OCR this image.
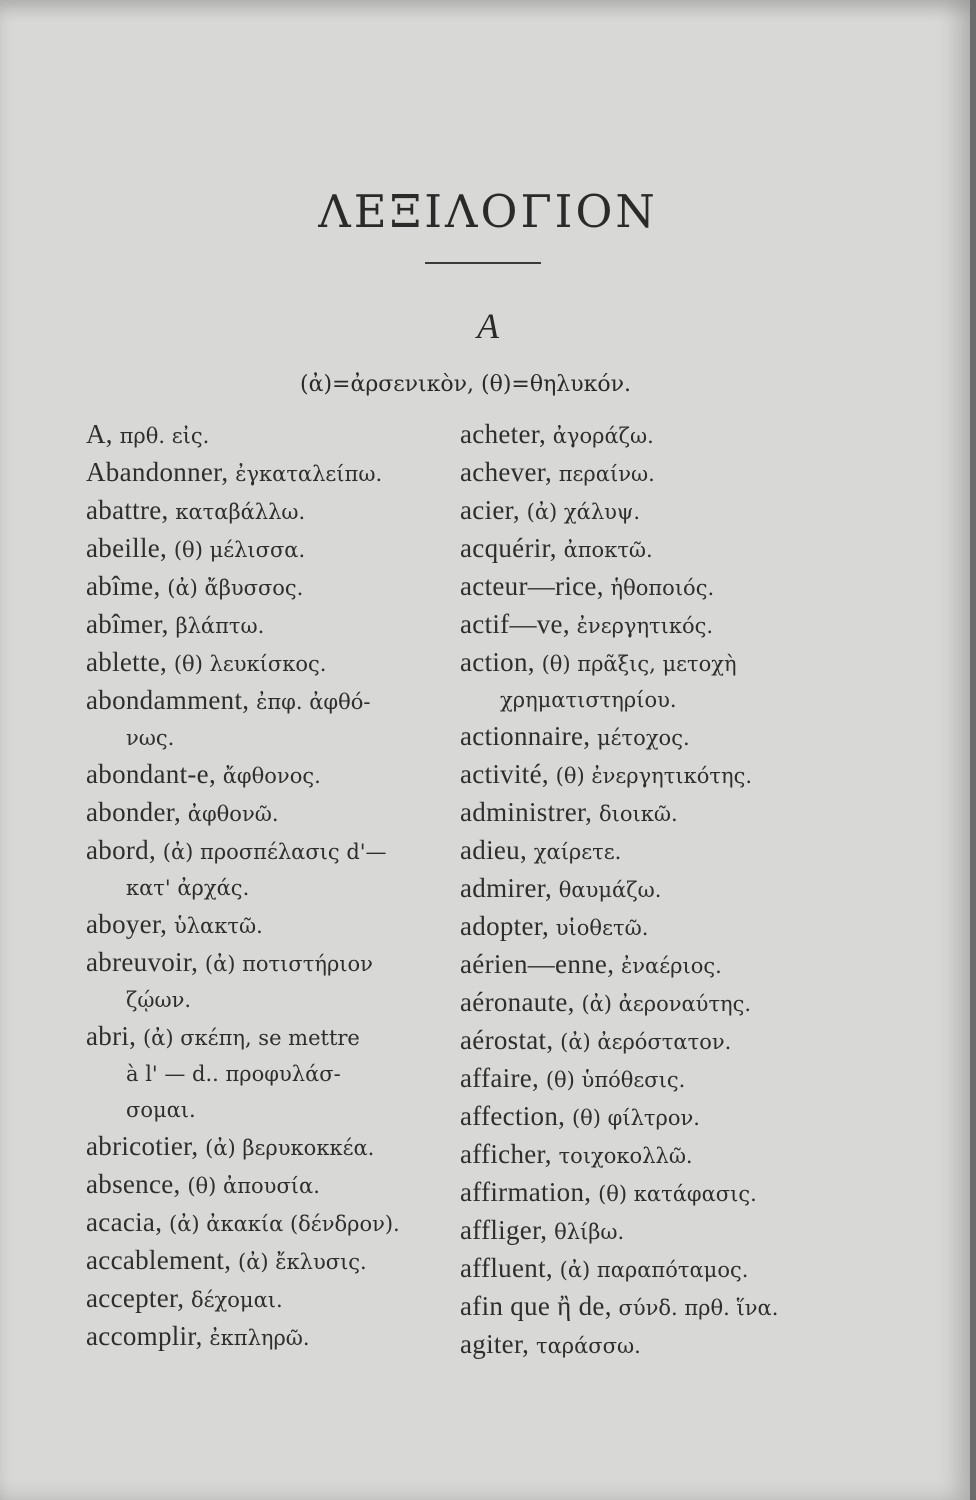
ΛΕΞΙΛΟΓΙΟΝ
A
(ἀ)=ἀρσενικὸν, (θ)=θηλυκόν.
A, πρθ. εἰς.
Abandonner, ἐγκαταλείπω.
abattre, καταβάλλω.
abeille, (θ) μέλισσα.
abîme, (ἀ) ἄβυσσος.
abîmer, βλάπτω.
ablette, (θ) λευκίσκος.
abondamment, ἐπφ. ἀφθό-
νως.
abondant-e, ἄφθονος.
abonder, ἀφθονῶ.
abord, (ἀ) προσπέλασις d'—
κατ' ἀρχάς.
aboyer, ὑλακτῶ.
abreuvoir, (ἀ) ποτιστήριον
ζῴων.
abri, (ἀ) σκέπη, se mettre
à l' — d.. προφυλάσ-
σομαι.
abricotier, (ἀ) βερυκοκκέα.
absence, (θ) ἀπουσία.
acacia, (ἀ) ἀκακία (δένδρον).
accablement, (ἀ) ἔκλυσις.
accepter, δέχομαι.
accomplir, ἐκπληρῶ.
acheter, ἀγοράζω.
achever, περαίνω.
acier, (ἀ) χάλυψ.
acquérir, ἀποκτῶ.
acteur—rice, ἡθοποιός.
actif—ve, ἐνεργητικός.
action, (θ) πρᾶξις, μετοχὴ
χρηματιστηρίου.
actionnaire, μέτοχος.
activité, (θ) ἐνεργητικότης.
administrer, διοικῶ.
adieu, χαίρετε.
admirer, θαυμάζω.
adopter, υἱοθετῶ.
aérien—enne, ἐναέριος.
aéronaute, (ἀ) ἀεροναύτης.
aérostat, (ἀ) ἀερόστατον.
affaire, (θ) ὑπόθεσις.
affection, (θ) φίλτρον.
afficher, τοιχοκολλῶ.
affirmation, (θ) κατάφασις.
affliger, θλίβω.
affluent, (ἀ) παραπόταμος.
afin que ἢ de, σύνδ. πρθ. ἵνα.
agiter, ταράσσω.
